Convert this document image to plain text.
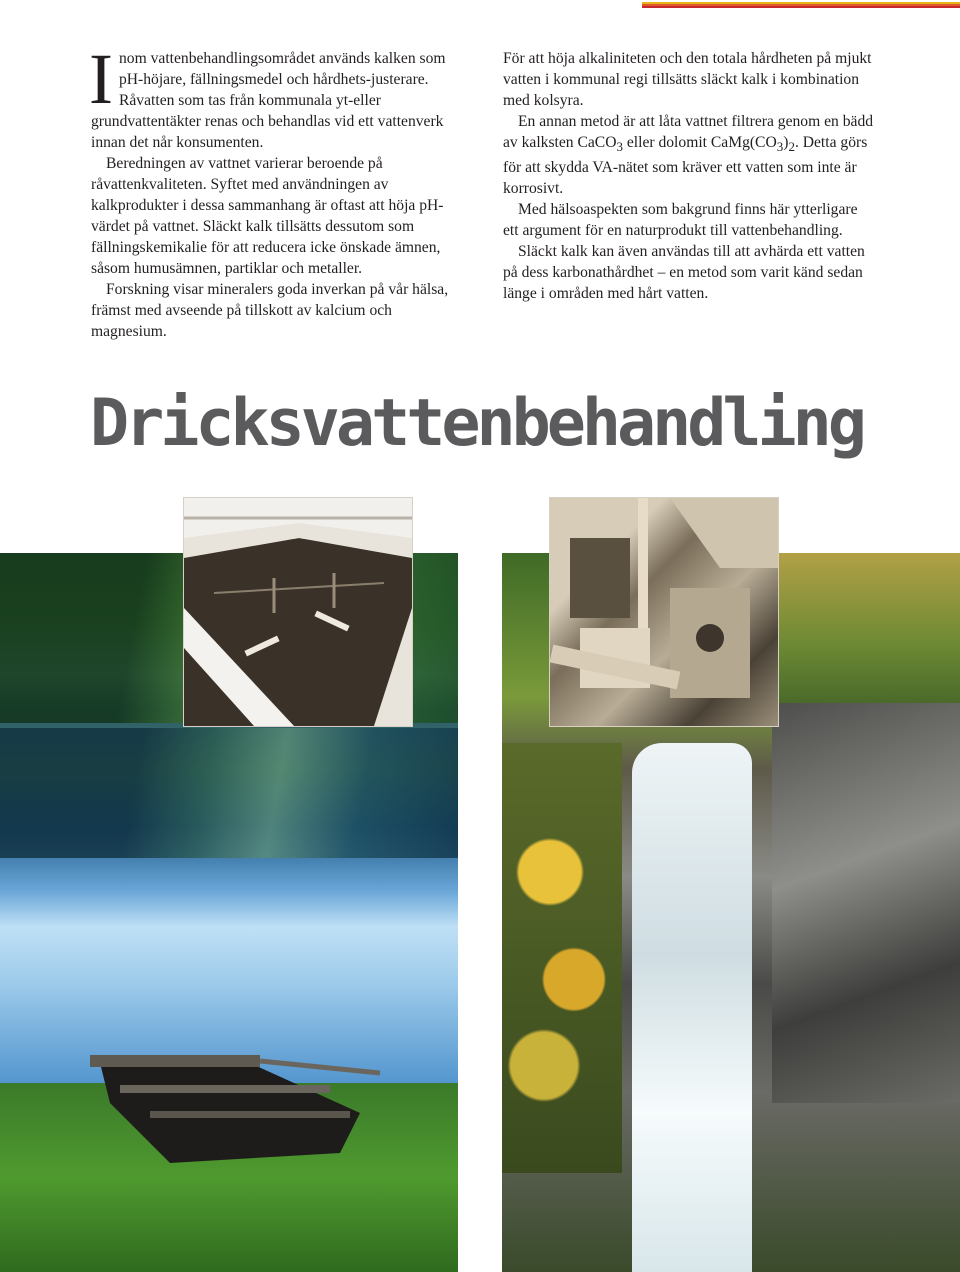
Inom vattenbehandlingsområdet används kalken som pH-höjare, fällningsmedel och hårdhets-justerare. Råvatten som tas från kommunala yt-eller grundvattentäkter renas och behandlas vid ett vattenverk innan det når konsumenten.

Beredningen av vattnet varierar beroende på råvattenkvaliteten. Syftet med användningen av kalkprodukter i dessa sammanhang är oftast att höja pH-värdet på vattnet. Släckt kalk tillsätts dessutom som fällningskemikalie för att reducera icke önskade ämnen, såsom humusämnen, partiklar och metaller.

Forskning visar mineralers goda inverkan på vår hälsa, främst med avseende på tillskott av kalcium och magnesium.

För att höja alkaliniteten och den totala hårdheten på mjukt vatten i kommunal regi tillsätts släckt kalk i kombination med kolsyra.

En annan metod är att låta vattnet filtrera genom en bädd av kalksten CaCO$_3$ eller dolomit $CaMg(CO_3)_2$. Detta görs för att skydda VA-nätet som kräver ett vatten som inte är korrosivt.

Med hälsoaspekten som bakgrund finns här ytterligare ett argument för en naturprodukt till vattenbehandling.

Släckt kalk kan även användas till att avhärda ett vatten på dess karbonathårdhet – en metod som varit känd sedan länge i områden med hårt vatten.

Dricksvattenbehandling
